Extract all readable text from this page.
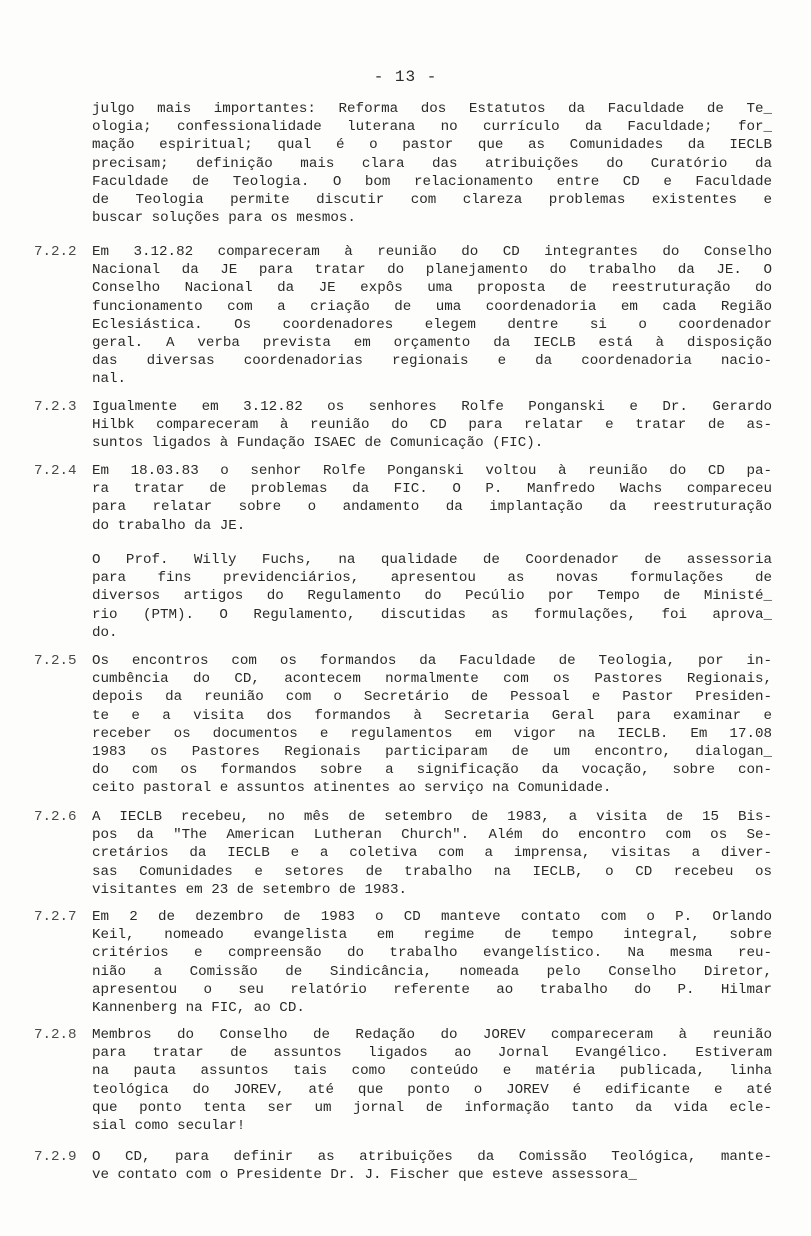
- 13 -
julgo mais importantes: Reforma dos Estatutos da Faculdade de Te_
ologia; confessionalidade luterana no currículo da Faculdade; for_
mação espiritual; qual é o pastor que as Comunidades da IECLB
precisam; definição mais clara das atribuições do Curatório da
Faculdade de Teologia. O bom relacionamento entre CD e Faculdade
de Teologia permite discutir com clareza problemas existentes e
buscar soluções para os mesmos.
Em 3.12.82 compareceram à reunião do CD integrantes do Conselho
Nacional da JE para tratar do planejamento do trabalho da JE. O
Conselho Nacional da JE expôs uma proposta de reestruturação do
funcionamento com a criação de uma coordenadoria em cada Região
Eclesiástica. Os coordenadores elegem dentre si o coordenador
geral. A verba prevista em orçamento da IECLB está à disposição
das diversas coordenadorias regionais e da coordenadoria nacio-
nal.
7.2.2
Igualmente em 3.12.82 os senhores Rolfe Ponganski e Dr. Gerardo
Hilbk compareceram à reunião do CD para relatar e tratar de as-
suntos ligados à Fundação ISAEC de Comunicação (FIC).
7.2.3
Em 18.03.83 o senhor Rolfe Ponganski voltou à reunião do CD pa-
ra tratar de problemas da FIC. O P. Manfredo Wachs compareceu
para relatar sobre o andamento da implantação da reestruturação
do trabalho da JE.
7.2.4
O Prof. Willy Fuchs, na qualidade de Coordenador de assessoria
para fins previdenciários, apresentou as novas formulações de
diversos artigos do Regulamento do Pecúlio por Tempo de Ministé_
rio (PTM). O Regulamento, discutidas as formulações, foi aprova_
do.
Os encontros com os formandos da Faculdade de Teologia, por in-
cumbência do CD, acontecem normalmente com os Pastores Regionais,
depois da reunião com o Secretário de Pessoal e Pastor Presiden-
te e a visita dos formandos à Secretaria Geral para examinar e
receber os documentos e regulamentos em vigor na IECLB. Em 17.08
1983 os Pastores Regionais participaram de um encontro, dialogan_
do com os formandos sobre a significação da vocação, sobre con-
ceito pastoral e assuntos atinentes ao serviço na Comunidade.
7.2.5
A IECLB recebeu, no mês de setembro de 1983, a visita de 15 Bis-
pos da "The American Lutheran Church". Além do encontro com os Se-
cretários da IECLB e a coletiva com a imprensa, visitas a diver-
sas Comunidades e setores de trabalho na IECLB, o CD recebeu os
visitantes em 23 de setembro de 1983.
7.2.6
Em 2 de dezembro de 1983 o CD manteve contato com o P. Orlando
Keil, nomeado evangelista em regime de tempo integral, sobre
critérios e compreensão do trabalho evangelístico. Na mesma reu-
nião a Comissão de Sindicância, nomeada pelo Conselho Diretor,
apresentou o seu relatório referente ao trabalho do P. Hilmar
Kannenberg na FIC, ao CD.
7.2.7
Membros do Conselho de Redação do JOREV compareceram à reunião
para tratar de assuntos ligados ao Jornal Evangélico. Estiveram
na pauta assuntos tais como conteúdo e matéria publicada, linha
teológica do JOREV, até que ponto o JOREV é edificante e até
que ponto tenta ser um jornal de informação tanto da vida ecle-
sial como secular!
7.2.8
O CD, para definir as atribuições da Comissão Teológica, mante-
ve contato com o Presidente Dr. J. Fischer que esteve assessora_
7.2.9
